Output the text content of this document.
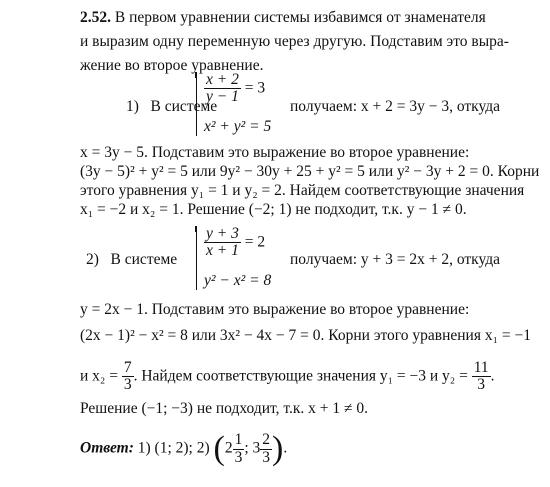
2.52. В первом уравнении системы избавимся от знаменателя
и выразим одну переменную через другую. Подставим это выра-
жение во второе уравнение.
1) В системе
$\frac{x + 2}{y - 1} = 3$
x² + y² = 5
получаем: x + 2 = 3y − 3, откуда
x = 3y − 5. Подставим это выражение во второе уравнение:
(3y − 5)² + y² = 5 или 9y² − 30y + 25 + y² = 5 или y² − 3y + 2 = 0. Корни
этого уравнения y₁ = 1 и y₂ = 2. Найдем соответствующие значения
x₁ = −2 и x₂ = 1. Решение (−2; 1) не подходит, т.к. y − 1 ≠ 0.
2) В системе $\frac{y + 3}{x + 1} = 2$
y² − x² = 8
получаем: y + 3 = 2x + 2, откуда
y = 2x − 1. Подставим это выражение во второе уравнение:
(2x − 1)² − x² = 8 или 3x² − 4x − 7 = 0. Корни этого уравнения x₁ = −1
и $x_2 = \frac{7}{3}$ . Найдем соответствующие значения y₁ = −3 и $y_2 = \frac{11}{3}$ .
Решение (−1; −3) не подходит, т.к. x + 1 ≠ 0.
Ответ: 1) (1; 2); 2) ($2 \frac{1}{3}$ ; $3 \frac{2}{3}$ ).
